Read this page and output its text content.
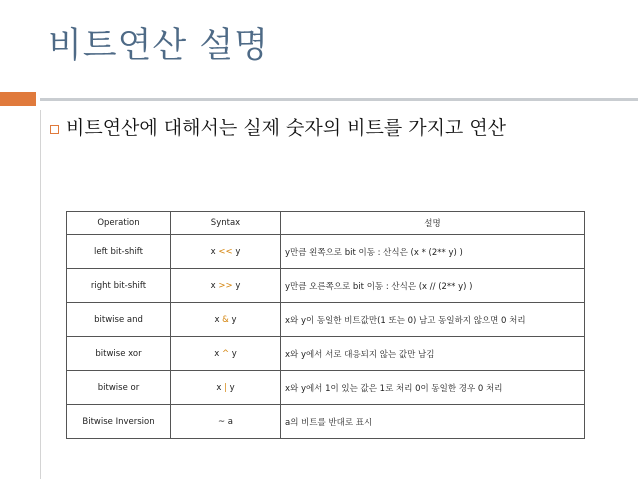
비트연산 설명
비트연산에 대해서는 실제 숫자의 비트를 가지고 연산
Operation	Syntax	설명
left bit-shift	x << y	y만큼 왼쪽으로 bit 이동 : 산식은 (x * (2** y) )
right bit-shift	x >> y	y만큼 오른쪽으로 bit 이동 : 산식은 (x // (2** y) )
bitwise and	x & y	x와 y이 동일한 비트값만(1 또는 0) 남고 동일하지 않으면 0 처리
bitwise xor	x ^ y	x와 y에서 서로 대응되지 않는 값만 남김
bitwise or	x | y	x와 y에서 1이 있는 값은 1로 처리 0이 동일한 경우 0 처리
Bitwise Inversion	~ a	a의 비트를 반대로 표시
